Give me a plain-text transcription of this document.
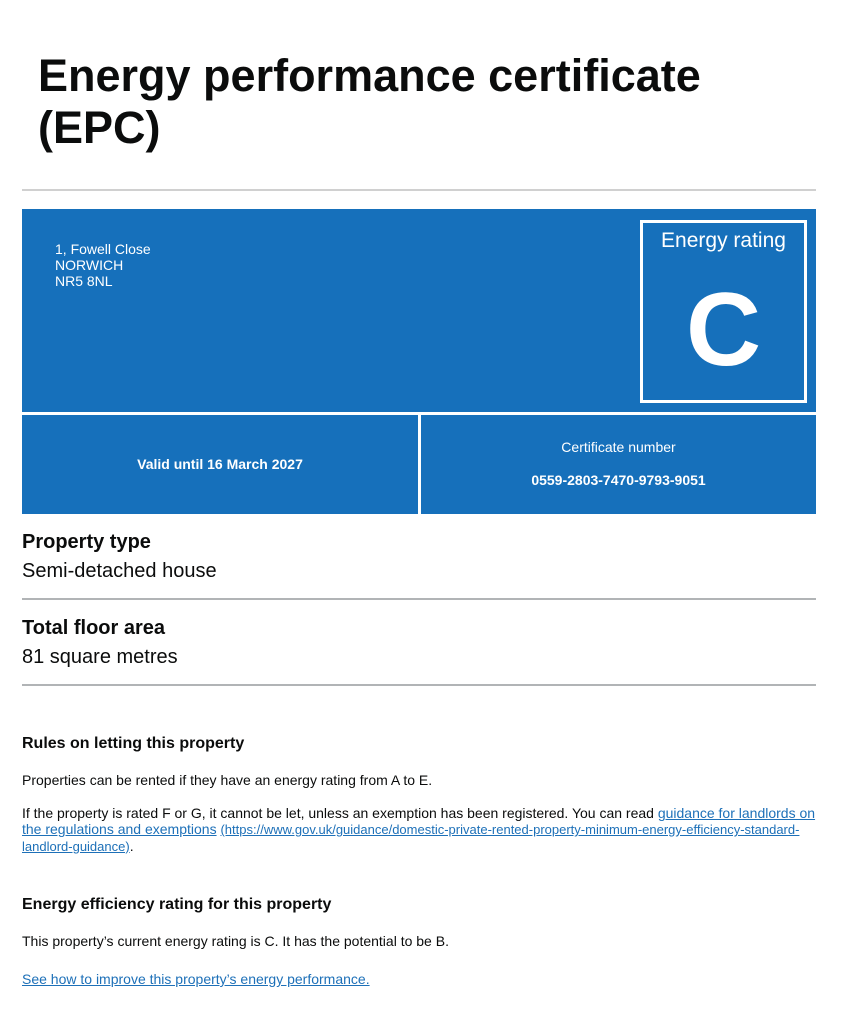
Energy performance certificate (EPC)
1, Fowell Close
NORWICH
NR5 8NL
Energy rating
C
Valid until 16 March 2027
Certificate number
0559-2803-7470-9793-9051
Property type
Semi-detached house
Total floor area
81 square metres
Rules on letting this property
Properties can be rented if they have an energy rating from A to E.
If the property is rated F or G, it cannot be let, unless an exemption has been registered. You can read guidance for landlords on the regulations and exemptions (https://www.gov.uk/guidance/domestic-private-rented-property-minimum-energy-efficiency-standard-landlord-guidance).
Energy efficiency rating for this property
This property’s current energy rating is C. It has the potential to be B.
See how to improve this property’s energy performance.
